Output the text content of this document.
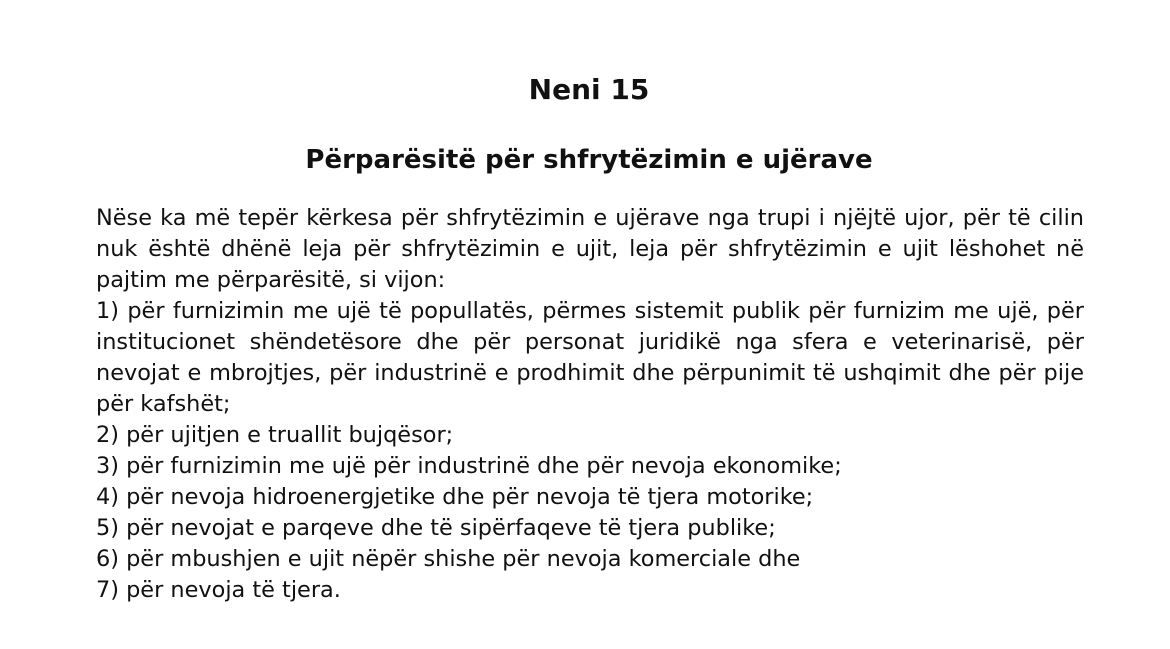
Neni 15
Përparësitë për shfrytëzimin e ujërave

Nëse ka më tepër kërkesa për shfrytëzimin e ujërave nga trupi i njëjtë ujor, për të cilin nuk është dhënë leja për shfrytëzimin e ujit, leja për shfrytëzimin e ujit lëshohet në pajtim me përparësitë, si vijon:

1) për furnizimin me ujë të popullatës, përmes sistemit publik për furnizim me ujë, për institucionet shëndetësore dhe për personat juridikë nga sfera e veterinarisë, për nevojat e mbrojtjes, për industrinë e prodhimit dhe përpunimit të ushqimit dhe për pije për kafshët;

2) për ujitjen e truallit bujqësor;

3) për furnizimin me ujë për industrinë dhe për nevoja ekonomike;

4) për nevoja hidroenergjetike dhe për nevoja të tjera motorike;

5) për nevojat e parqeve dhe të sipërfaqeve të tjera publike;

6) për mbushjen e ujit nëpër shishe për nevoja komerciale dhe

7) për nevoja të tjera.
